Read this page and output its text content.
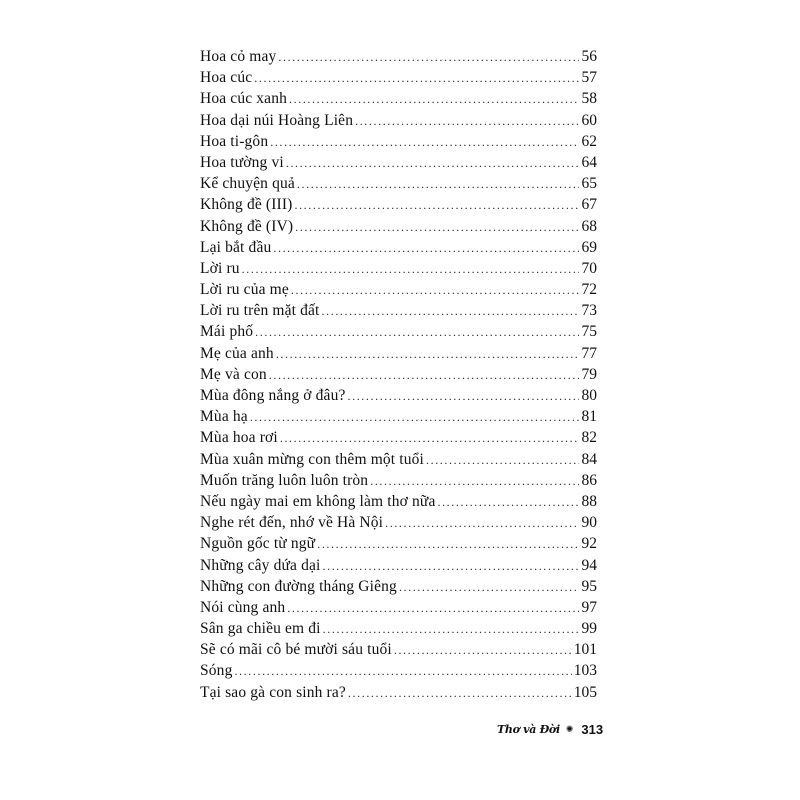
Hoa cỏ may .....	56
Hoa cúc .....	57
Hoa cúc xanh .....	58
Hoa dại núi Hoàng Liên .....	60
Hoa ti-gôn .....	62
Hoa tường vi .....	64
Kể chuyện quả .....	65
Không đề (III) .....	67
Không đề (IV) .....	68
Lại bắt đầu .....	69
Lời ru .....	70
Lời ru của mẹ .....	72
Lời ru trên mặt đất .....	73
Mái phố .....	75
Mẹ của anh .....	77
Mẹ và con .....	79
Mùa đông nắng ở đâu? .....	80
Mùa hạ .....	81
Mùa hoa rơi .....	82
Mùa xuân mừng con thêm một tuổi .....	84
Muốn trăng luôn luôn tròn .....	86
Nếu ngày mai em không làm thơ nữa .....	88
Nghe rét đến, nhớ về Hà Nội .....	90
Nguồn gốc từ ngữ .....	92
Những cây dứa dại .....	94
Những con đường tháng Giêng .....	95
Nói cùng anh .....	97
Sân ga chiều em đi .....	99
Sẽ có mãi cô bé mười sáu tuổi .....	101
Sóng .....	103
Tại sao gà con sinh ra? .....	105
Thơ và Đời ✺ 313
